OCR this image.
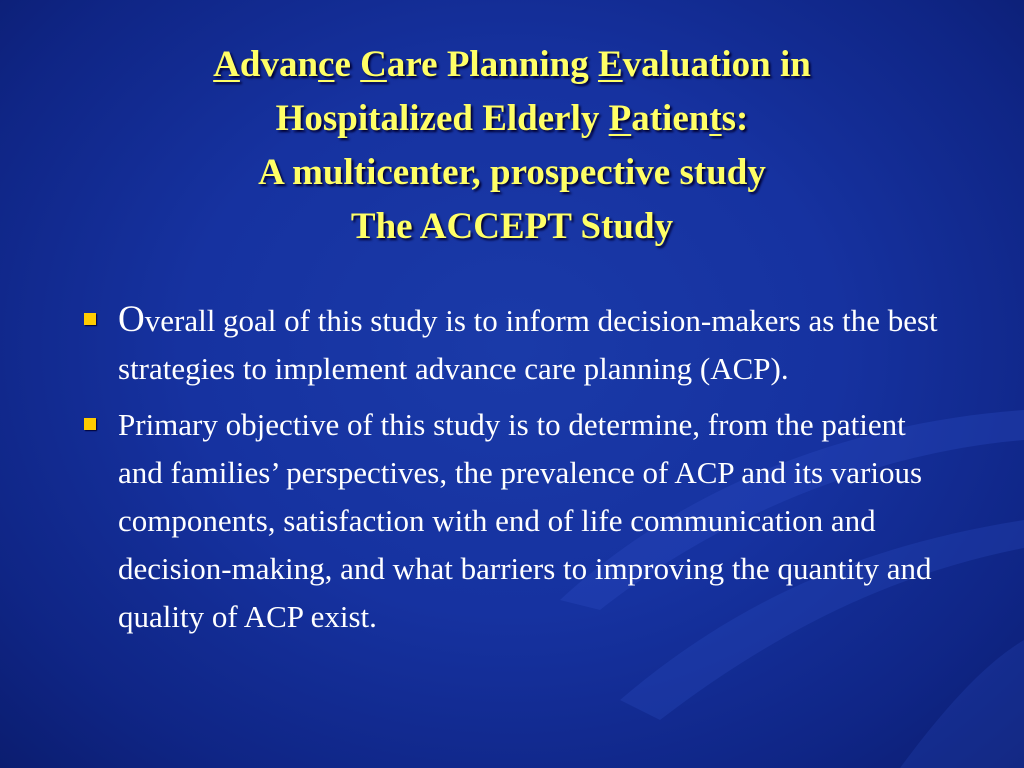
Advance Care Planning Evaluation in
Hospitalized Elderly Patients:
A multicenter, prospective study
The ACCEPT Study
Overall goal of this study is to inform decision-makers as the best strategies to implement advance care planning (ACP).
Primary objective of this study is to determine, from the patient and families’ perspectives, the prevalence of ACP and its various components, satisfaction with end of life communication and decision-making, and what barriers to improving the quantity and quality of ACP exist.
